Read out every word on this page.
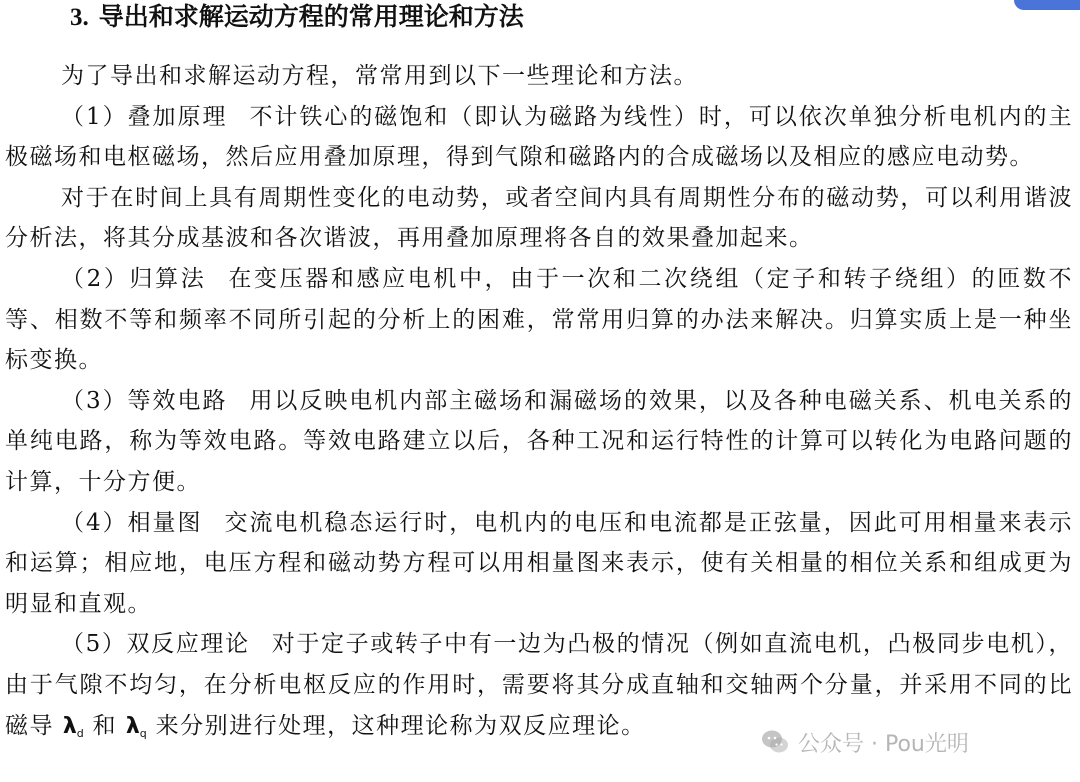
3. 导出和求解运动方程的常用理论和方法

为了导出和求解运动方程，常常用到以下一些理论和方法。

（1）叠加原理 不计铁心的磁饱和（即认为磁路为线性）时，可以依次单独分析电机内的主极磁场和电枢磁场，然后应用叠加原理，得到气隙和磁路内的合成磁场以及相应的感应电动势。

对于在时间上具有周期性变化的电动势，或者空间内具有周期性分布的磁动势，可以利用谐波分析法，将其分成基波和各次谐波，再用叠加原理将各自的效果叠加起来。

（2）归算法 在变压器和感应电机中，由于一次和二次绕组（定子和转子绕组）的匝数不等、相数不等和频率不同所引起的分析上的困难，常常用归算的办法来解决。归算实质上是一种坐标变换。

（3）等效电路 用以反映电机内部主磁场和漏磁场的效果，以及各种电磁关系、机电关系的单纯电路，称为等效电路。等效电路建立以后，各种工况和运行特性的计算可以转化为电路问题的计算，十分方便。

（4）相量图 交流电机稳态运行时，电机内的电压和电流都是正弦量，因此可用相量来表示和运算；相应地，电压方程和磁动势方程可以用相量图来表示，使有关相量的相位关系和组成更为明显和直观。

（5）双反应理论 对于定子或转子中有一边为凸极的情况（例如直流电机，凸极同步电机），由于气隙不均匀，在分析电枢反应的作用时，需要将其分成直轴和交轴两个分量，并采用不同的比磁导 $\lambda_d$ 和 $\lambda_q$ 来分别进行处理，这种理论称为双反应理论。

公众号 · Pou光明
